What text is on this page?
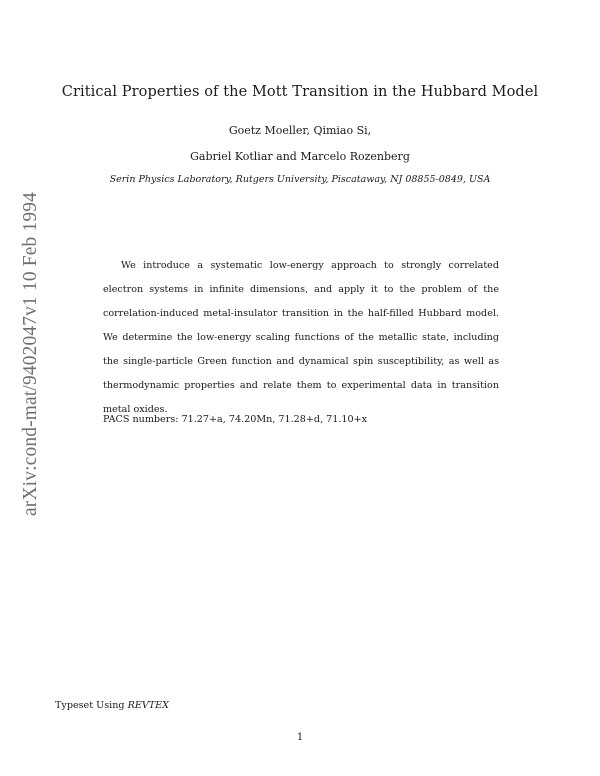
arXiv:cond-mat/9402047v1 10 Feb 1994
Critical Properties of the Mott Transition in the Hubbard Model
Goetz Moeller, Qimiao Si,
Gabriel Kotliar and Marcelo Rozenberg
Serin Physics Laboratory, Rutgers University, Piscataway, NJ 08855-0849, USA

We introduce a systematic low-energy approach to strongly correlated electron systems in infinite dimensions, and apply it to the problem of the correlation-induced metal-insulator transition in the half-filled Hubbard model. We determine the low-energy scaling functions of the metallic state, including the single-particle Green function and dynamical spin susceptibility, as well as thermodynamic properties and relate them to experimental data in transition metal oxides.

PACS numbers: 71.27+a, 74.20Mn, 71.28+d, 71.10+x

Typeset Using REVTEX
1
